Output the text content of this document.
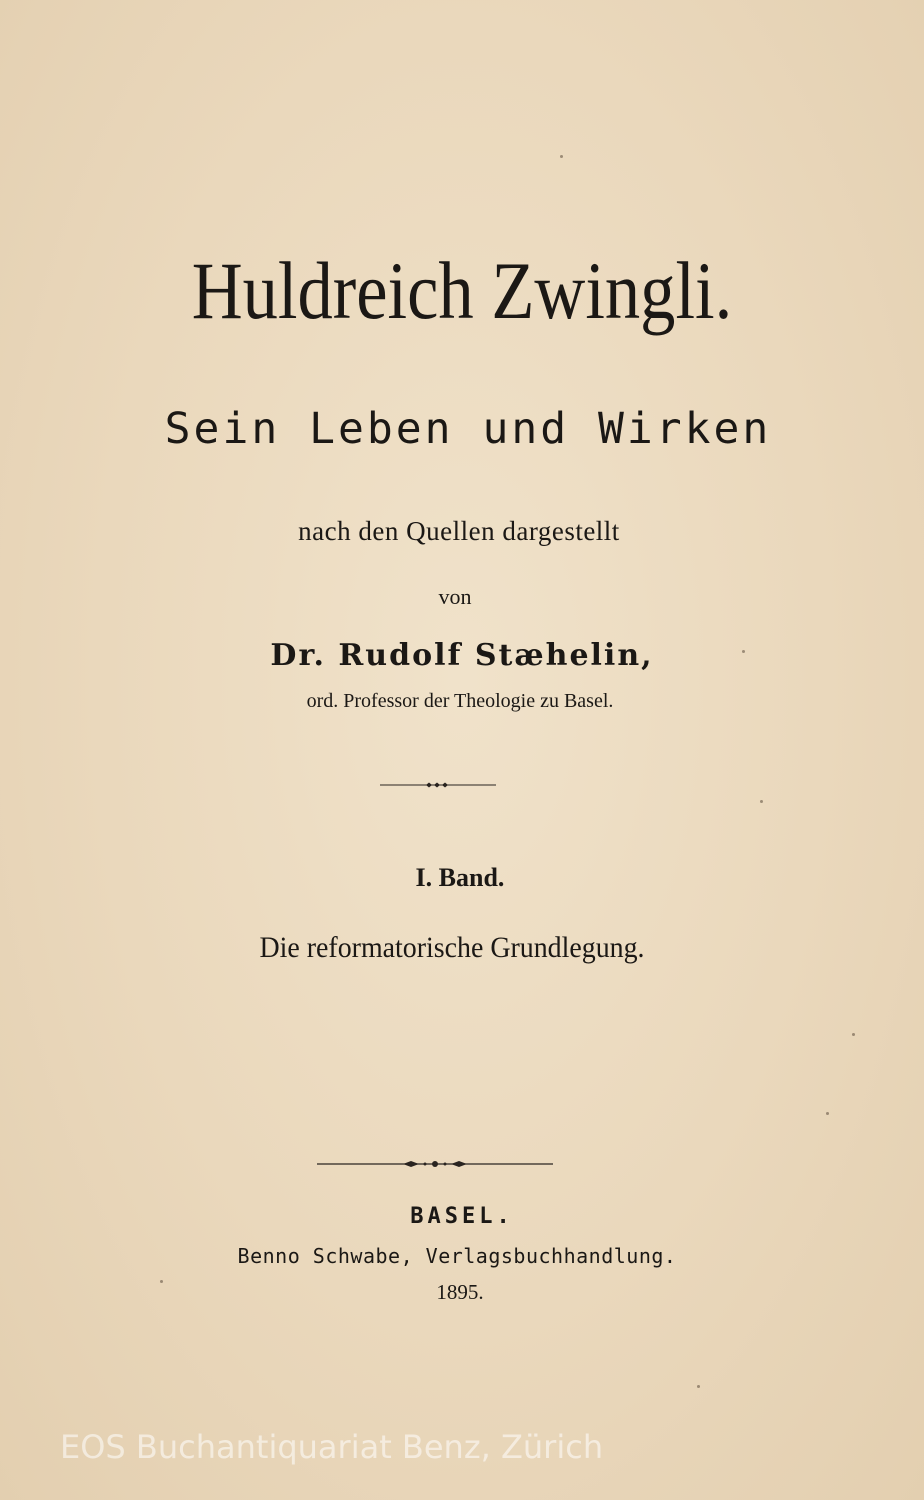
Huldreich Zwingli.
Sein Leben und Wirken
nach den Quellen dargestellt
von
Dr. Rudolf Stæhelin,
ord. Professor der Theologie zu Basel.
I. Band.
Die reformatorische Grundlegung.
BASEL.
Benno Schwabe, Verlagsbuchhandlung.
1895.
EOS Buchantiquariat Benz, Zürich
